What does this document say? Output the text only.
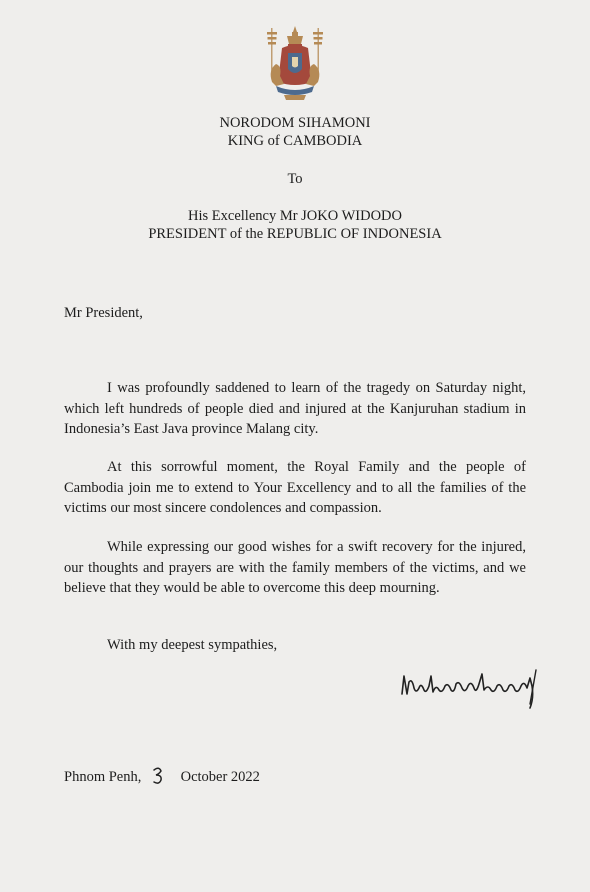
NORODOM SIHAMONI
KING of CAMBODIA
To
His Excellency Mr JOKO WIDODO
PRESIDENT of the REPUBLIC OF INDONESIA
Mr President,

I was profoundly saddened to learn of the tragedy on Saturday night, which left hundreds of people died and injured at the Kanjuruhan stadium in Indonesia’s East Java province Malang city.

At this sorrowful moment, the Royal Family and the people of Cambodia join me to extend to Your Excellency and to all the families of the victims our most sincere condolences and compassion.

While expressing our good wishes for a swift recovery for the injured, our thoughts and prayers are with the family members of the victims, and we believe that they would be able to overcome this deep mourning.

With my deepest sympathies,
Phnom Penh,	October 2022
